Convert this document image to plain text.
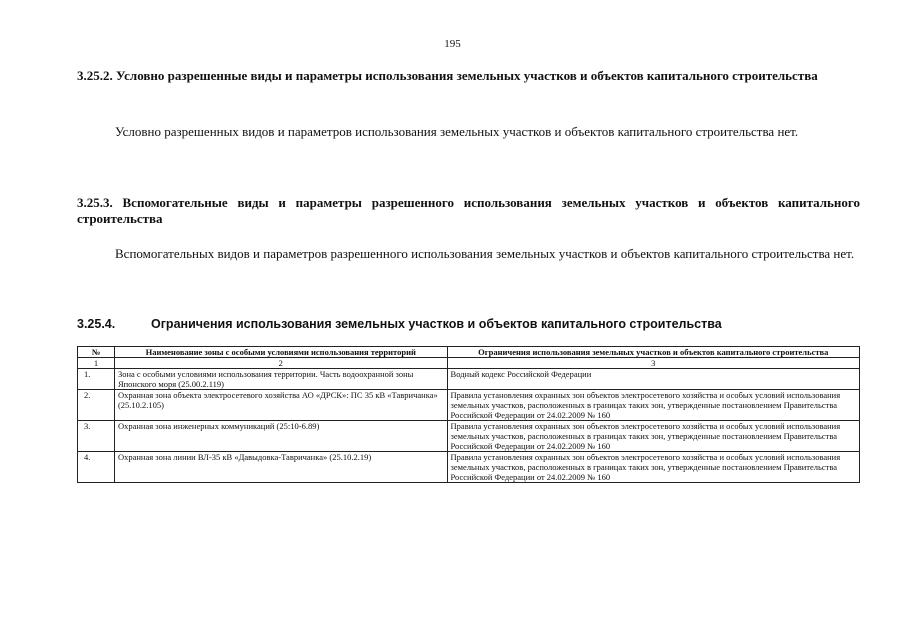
195
3.25.2. Условно разрешенные виды и параметры использования земельных участков и объектов капитального строительства
Условно разрешенных видов и параметров использования земельных участков и объектов капитального строительства нет.
3.25.3. Вспомогательные виды и параметры разрешенного использования земельных участков и объектов капитального строительства
Вспомогательных видов и параметров разрешенного использования земельных участков и объектов капитального строительства нет.
3.25.4.	Ограничения использования земельных участков и объектов капитального строительства
№	Наименование зоны с особыми условиями использования территорий	Ограничения использования земельных участков и объектов капитального строительства
1	2	3
1.	Зона с особыми условиями использования территории. Часть водоохранной зоны Японского моря (25.00.2.119)	Водный кодекс Российской Федерации
2.	Охранная зона объекта электросетевого хозяйства АО «ДРСК»: ПС 35 кВ «Тавричанка» (25.10.2.105)	Правила установления охранных зон объектов электросетевого хозяйства и особых условий использования земельных участков, расположенных в границах таких зон, утвержденные постановлением Правительства Российской Федерации от 24.02.2009 № 160
3.	Охранная зона инженерных коммуникаций (25:10-6.89)	Правила установления охранных зон объектов электросетевого хозяйства и особых условий использования земельных участков, расположенных в границах таких зон, утвержденные постановлением Правительства Российской Федерации от 24.02.2009 № 160
4.	Охранная зона линии ВЛ-35 кВ «Давыдовка-Тавричанка» (25.10.2.19)	Правила установления охранных зон объектов электросетевого хозяйства и особых условий использования земельных участков, расположенных в границах таких зон, утвержденные постановлением Правительства Российской Федерации от 24.02.2009 № 160
